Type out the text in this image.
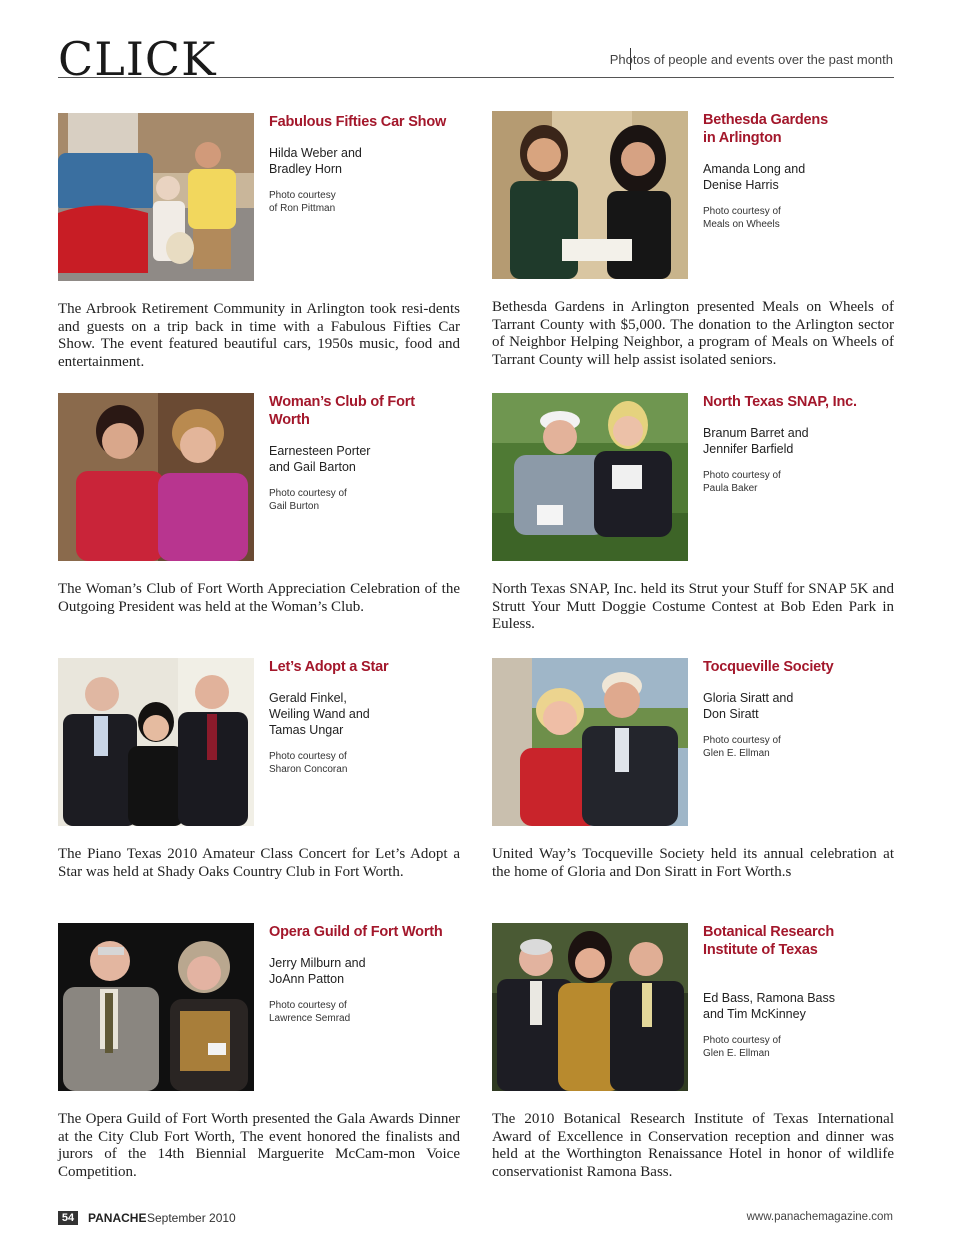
CLICK	Photos of people and events over the past month

Fabulous Fifties Car Show

Hilda Weber and
Bradley Horn

Photo courtesy
of Ron Pittman

The Arbrook Retirement Community in Arlington took resi-dents and guests on a trip back in time with a Fabulous Fifties Car Show. The event featured beautiful cars, 1950s music, food and entertainment.

Bethesda Gardens
in Arlington

Amanda Long and
Denise Harris

Photo courtesy of
Meals on Wheels

Bethesda Gardens in Arlington presented Meals on Wheels of Tarrant County with $5,000. The donation to the Arlington sector of Neighbor Helping Neighbor, a program of Meals on Wheels of Tarrant County will help assist isolated seniors.

Woman’s Club of Fort Worth

Earnesteen Porter
and Gail Barton

Photo courtesy of
Gail Burton

The Woman’s Club of Fort Worth Appreciation Celebration of the Outgoing President was held at the Woman’s Club.

North Texas SNAP, Inc.

Branum Barret and
Jennifer Barfield

Photo courtesy of
Paula Baker

North Texas SNAP, Inc. held its Strut your Stuff for SNAP 5K and Strutt Your Mutt Doggie Costume Contest at Bob Eden Park in Euless.

Let’s Adopt a Star

Gerald Finkel,
Weiling Wand and
Tamas Ungar

Photo courtesy of
Sharon Concoran

The Piano Texas 2010 Amateur Class Concert for Let’s Adopt a Star was held at Shady Oaks Country Club in Fort Worth.

Tocqueville Society

Gloria Siratt and
Don Siratt

Photo courtesy of
Glen E. Ellman

United Way’s Tocqueville Society held its annual celebration at the home of Gloria and Don Siratt in Fort Worth.s

Opera Guild of Fort Worth

Jerry Milburn and
JoAnn Patton

Photo courtesy of
Lawrence Semrad

The Opera Guild of Fort Worth presented the Gala Awards Dinner at the City Club Fort Worth, The event honored the finalists and jurors of the 14th Biennial Marguerite McCam-mon Voice Competition.

Botanical Research
Institute of Texas

Ed Bass, Ramona Bass
and Tim McKinney

Photo courtesy of
Glen E. Ellman

The 2010 Botanical Research Institute of Texas International Award of Excellence in Conservation reception and dinner was held at the Worthington Renaissance Hotel in honor of wildlife conservationist Ramona Bass.

54	PANACHE September 2010	www.panachemagazine.com
